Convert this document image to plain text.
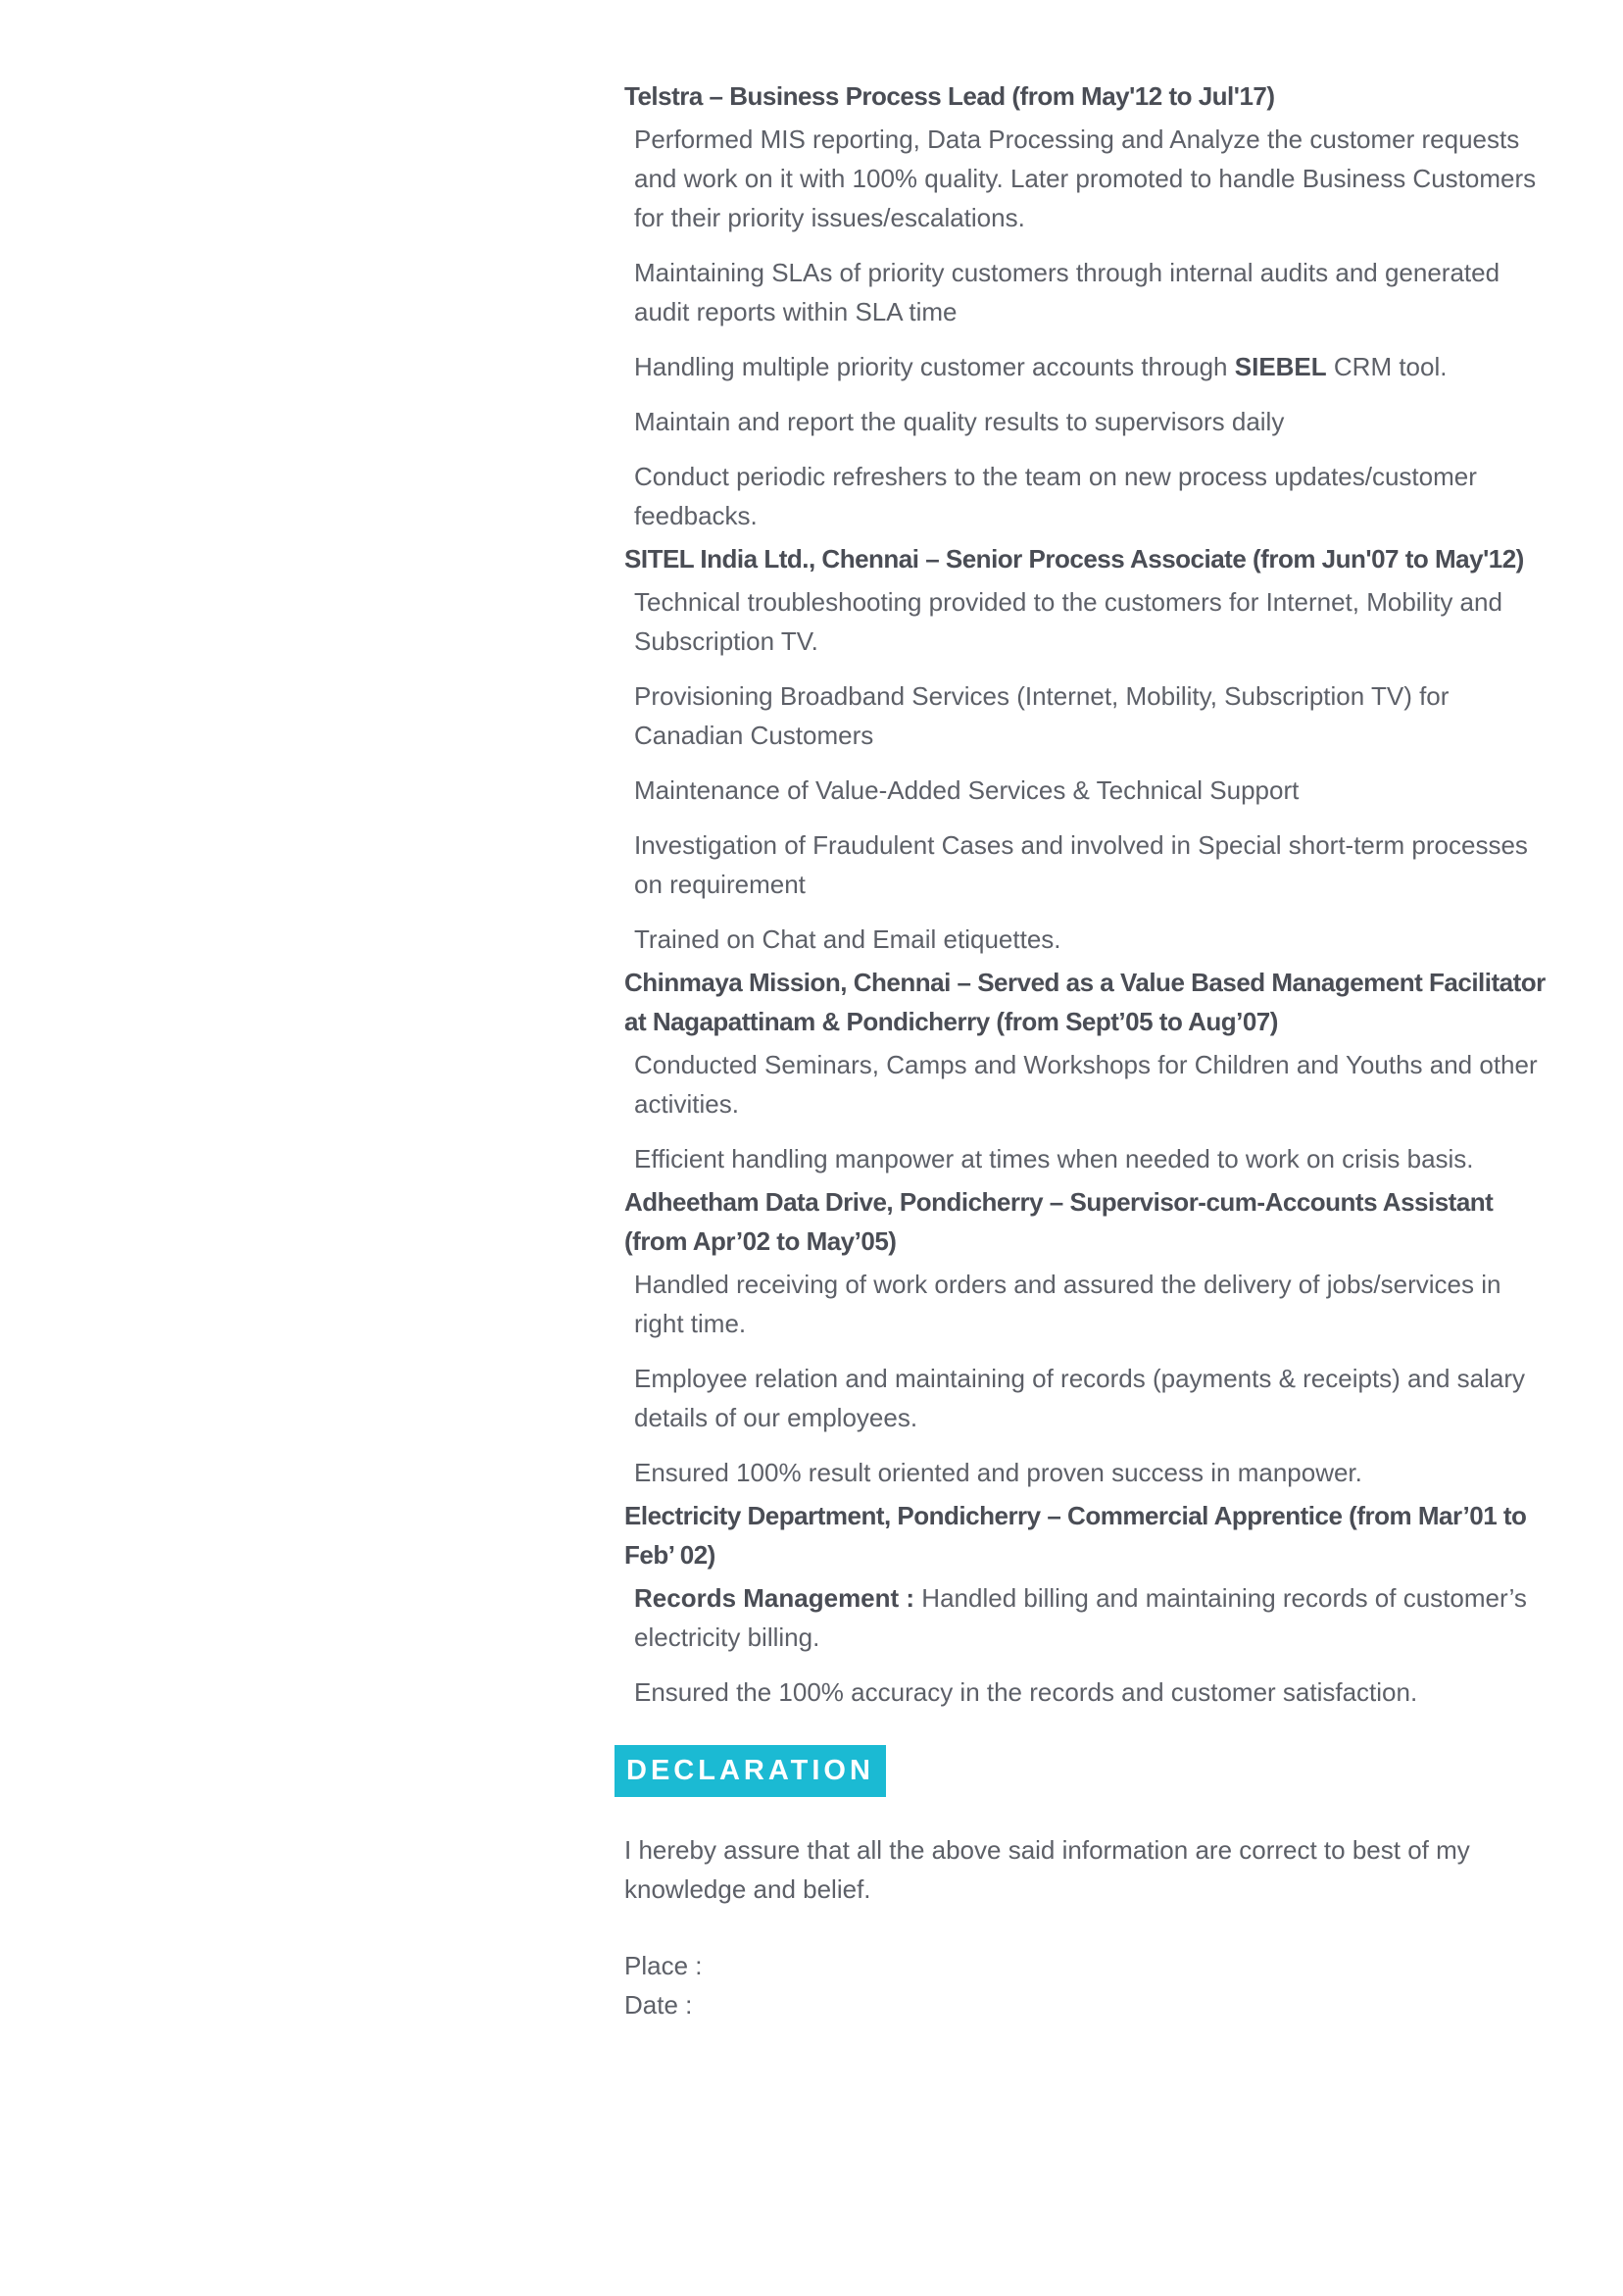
Telstra – Business Process Lead (from May'12 to Jul'17)
Performed MIS reporting, Data Processing and Analyze the customer requests and work on it with 100% quality. Later promoted to handle Business Customers for their priority issues/escalations.
Maintaining SLAs of priority customers through internal audits and generated audit reports within SLA time
Handling multiple priority customer accounts through SIEBEL CRM tool.
Maintain and report the quality results to supervisors daily
Conduct periodic refreshers to the team on new process updates/customer feedbacks.
SITEL India Ltd., Chennai – Senior Process Associate (from Jun'07 to May'12)
Technical troubleshooting provided to the customers for Internet, Mobility and Subscription TV.
Provisioning Broadband Services (Internet, Mobility, Subscription TV) for Canadian Customers
Maintenance of Value-Added Services & Technical Support
Investigation of Fraudulent Cases and involved in Special short-term processes on requirement
Trained on Chat and Email etiquettes.
Chinmaya Mission, Chennai – Served as a Value Based Management Facilitator at Nagapattinam & Pondicherry (from Sept’05 to Aug’07)
Conducted Seminars, Camps and Workshops for Children and Youths and other activities.
Efficient handling manpower at times when needed to work on crisis basis.
Adheetham Data Drive, Pondicherry – Supervisor-cum-Accounts Assistant (from Apr’02 to May’05)
Handled receiving of work orders and assured the delivery of jobs/services in right time.
Employee relation and maintaining of records (payments & receipts) and salary details of our employees.
Ensured 100% result oriented and proven success in manpower.
Electricity Department, Pondicherry – Commercial Apprentice (from Mar’01 to Feb’ 02)
Records Management : Handled billing and maintaining records of customer’s electricity billing.
Ensured the 100% accuracy in the records and customer satisfaction.
DECLARATION

I hereby assure that all the above said information are correct to best of my knowledge and belief.

Place :

Date :
